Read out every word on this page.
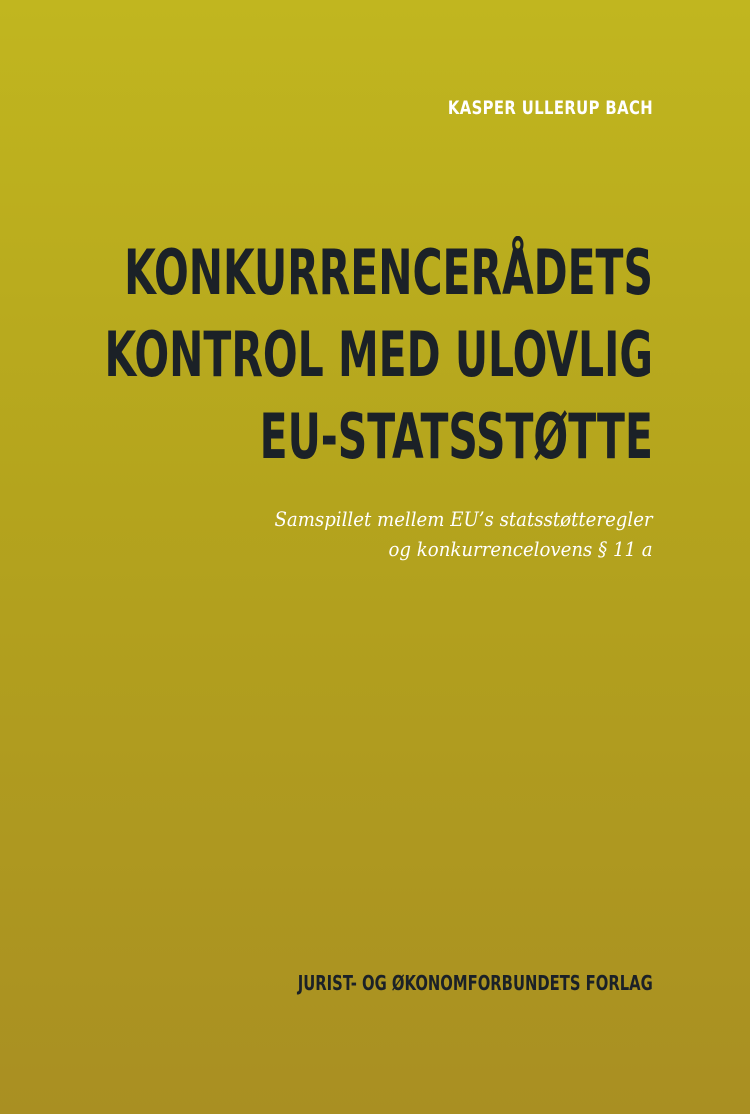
KASPER ULLERUP BACH

KONKURRENCERÅDETS
KONTROL MED ULOVLIG
EU-STATSSTØTTE

Samspillet mellem EU’s statsstøtteregler
og konkurrencelovens § 11 a

JURIST- OG ØKONOMFORBUNDETS FORLAG
